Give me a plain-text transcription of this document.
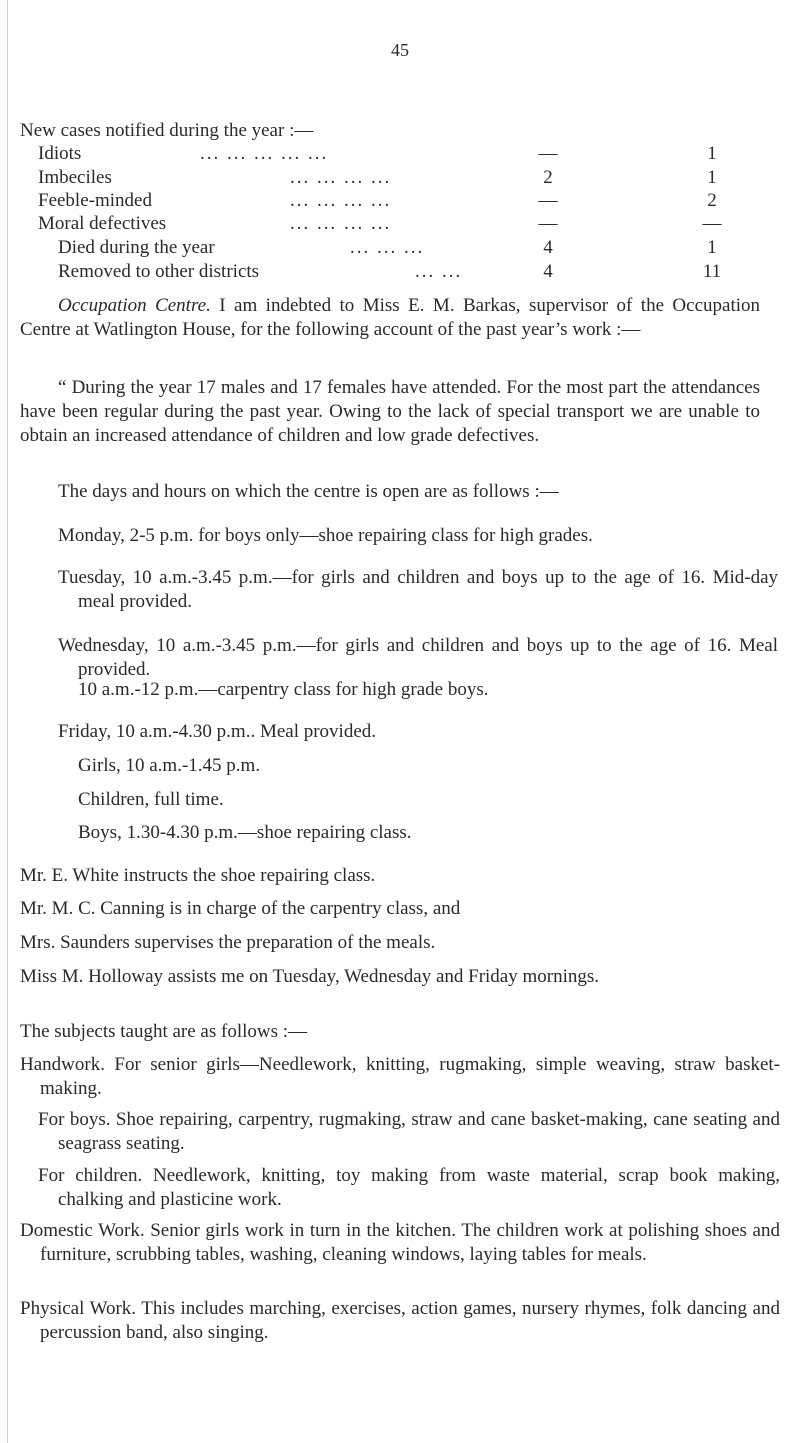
45

New cases notified during the year :—

Idiots	... ... ... ... ...	—	1
Imbeciles	... ... ... ...	2	1
Feeble-minded	... ... ... ...	—	2
Moral defectives	... ... ... ...	—	—
Died during the year	... ... ...	4	1
Removed to other districts	... ...	4	11

Occupation Centre. I am indebted to Miss E. M. Barkas, supervisor of the Occupation Centre at Watlington House, for the following account of the past year’s work :—

“ During the year 17 males and 17 females have attended. For the most part the attendances have been regular during the past year. Owing to the lack of special transport we are unable to obtain an increased attendance of children and low grade defectives.

The days and hours on which the centre is open are as follows :—

Monday, 2-5 p.m. for boys only—shoe repairing class for high grades.

Tuesday, 10 a.m.-3.45 p.m.—for girls and children and boys up to the age of 16. Mid-day meal provided.

Wednesday, 10 a.m.-3.45 p.m.—for girls and children and boys up to the age of 16. Meal provided.

10 a.m.-12 p.m.—carpentry class for high grade boys.

Friday, 10 a.m.-4.30 p.m.. Meal provided.

Girls, 10 a.m.-1.45 p.m.

Children, full time.

Boys, 1.30-4.30 p.m.—shoe repairing class.

Mr. E. White instructs the shoe repairing class.

Mr. M. C. Canning is in charge of the carpentry class, and

Mrs. Saunders supervises the preparation of the meals.

Miss M. Holloway assists me on Tuesday, Wednesday and Friday mornings.

The subjects taught are as follows :—

Handwork. For senior girls—Needlework, knitting, rugmaking, simple weaving, straw basket-making.

For boys. Shoe repairing, carpentry, rugmaking, straw and cane basket-making, cane seating and seagrass seating.

For children. Needlework, knitting, toy making from waste material, scrap book making, chalking and plasticine work.

Domestic Work. Senior girls work in turn in the kitchen. The children work at polishing shoes and furniture, scrubbing tables, washing, cleaning windows, laying tables for meals.

Physical Work. This includes marching, exercises, action games, nursery rhymes, folk dancing and percussion band, also singing.
